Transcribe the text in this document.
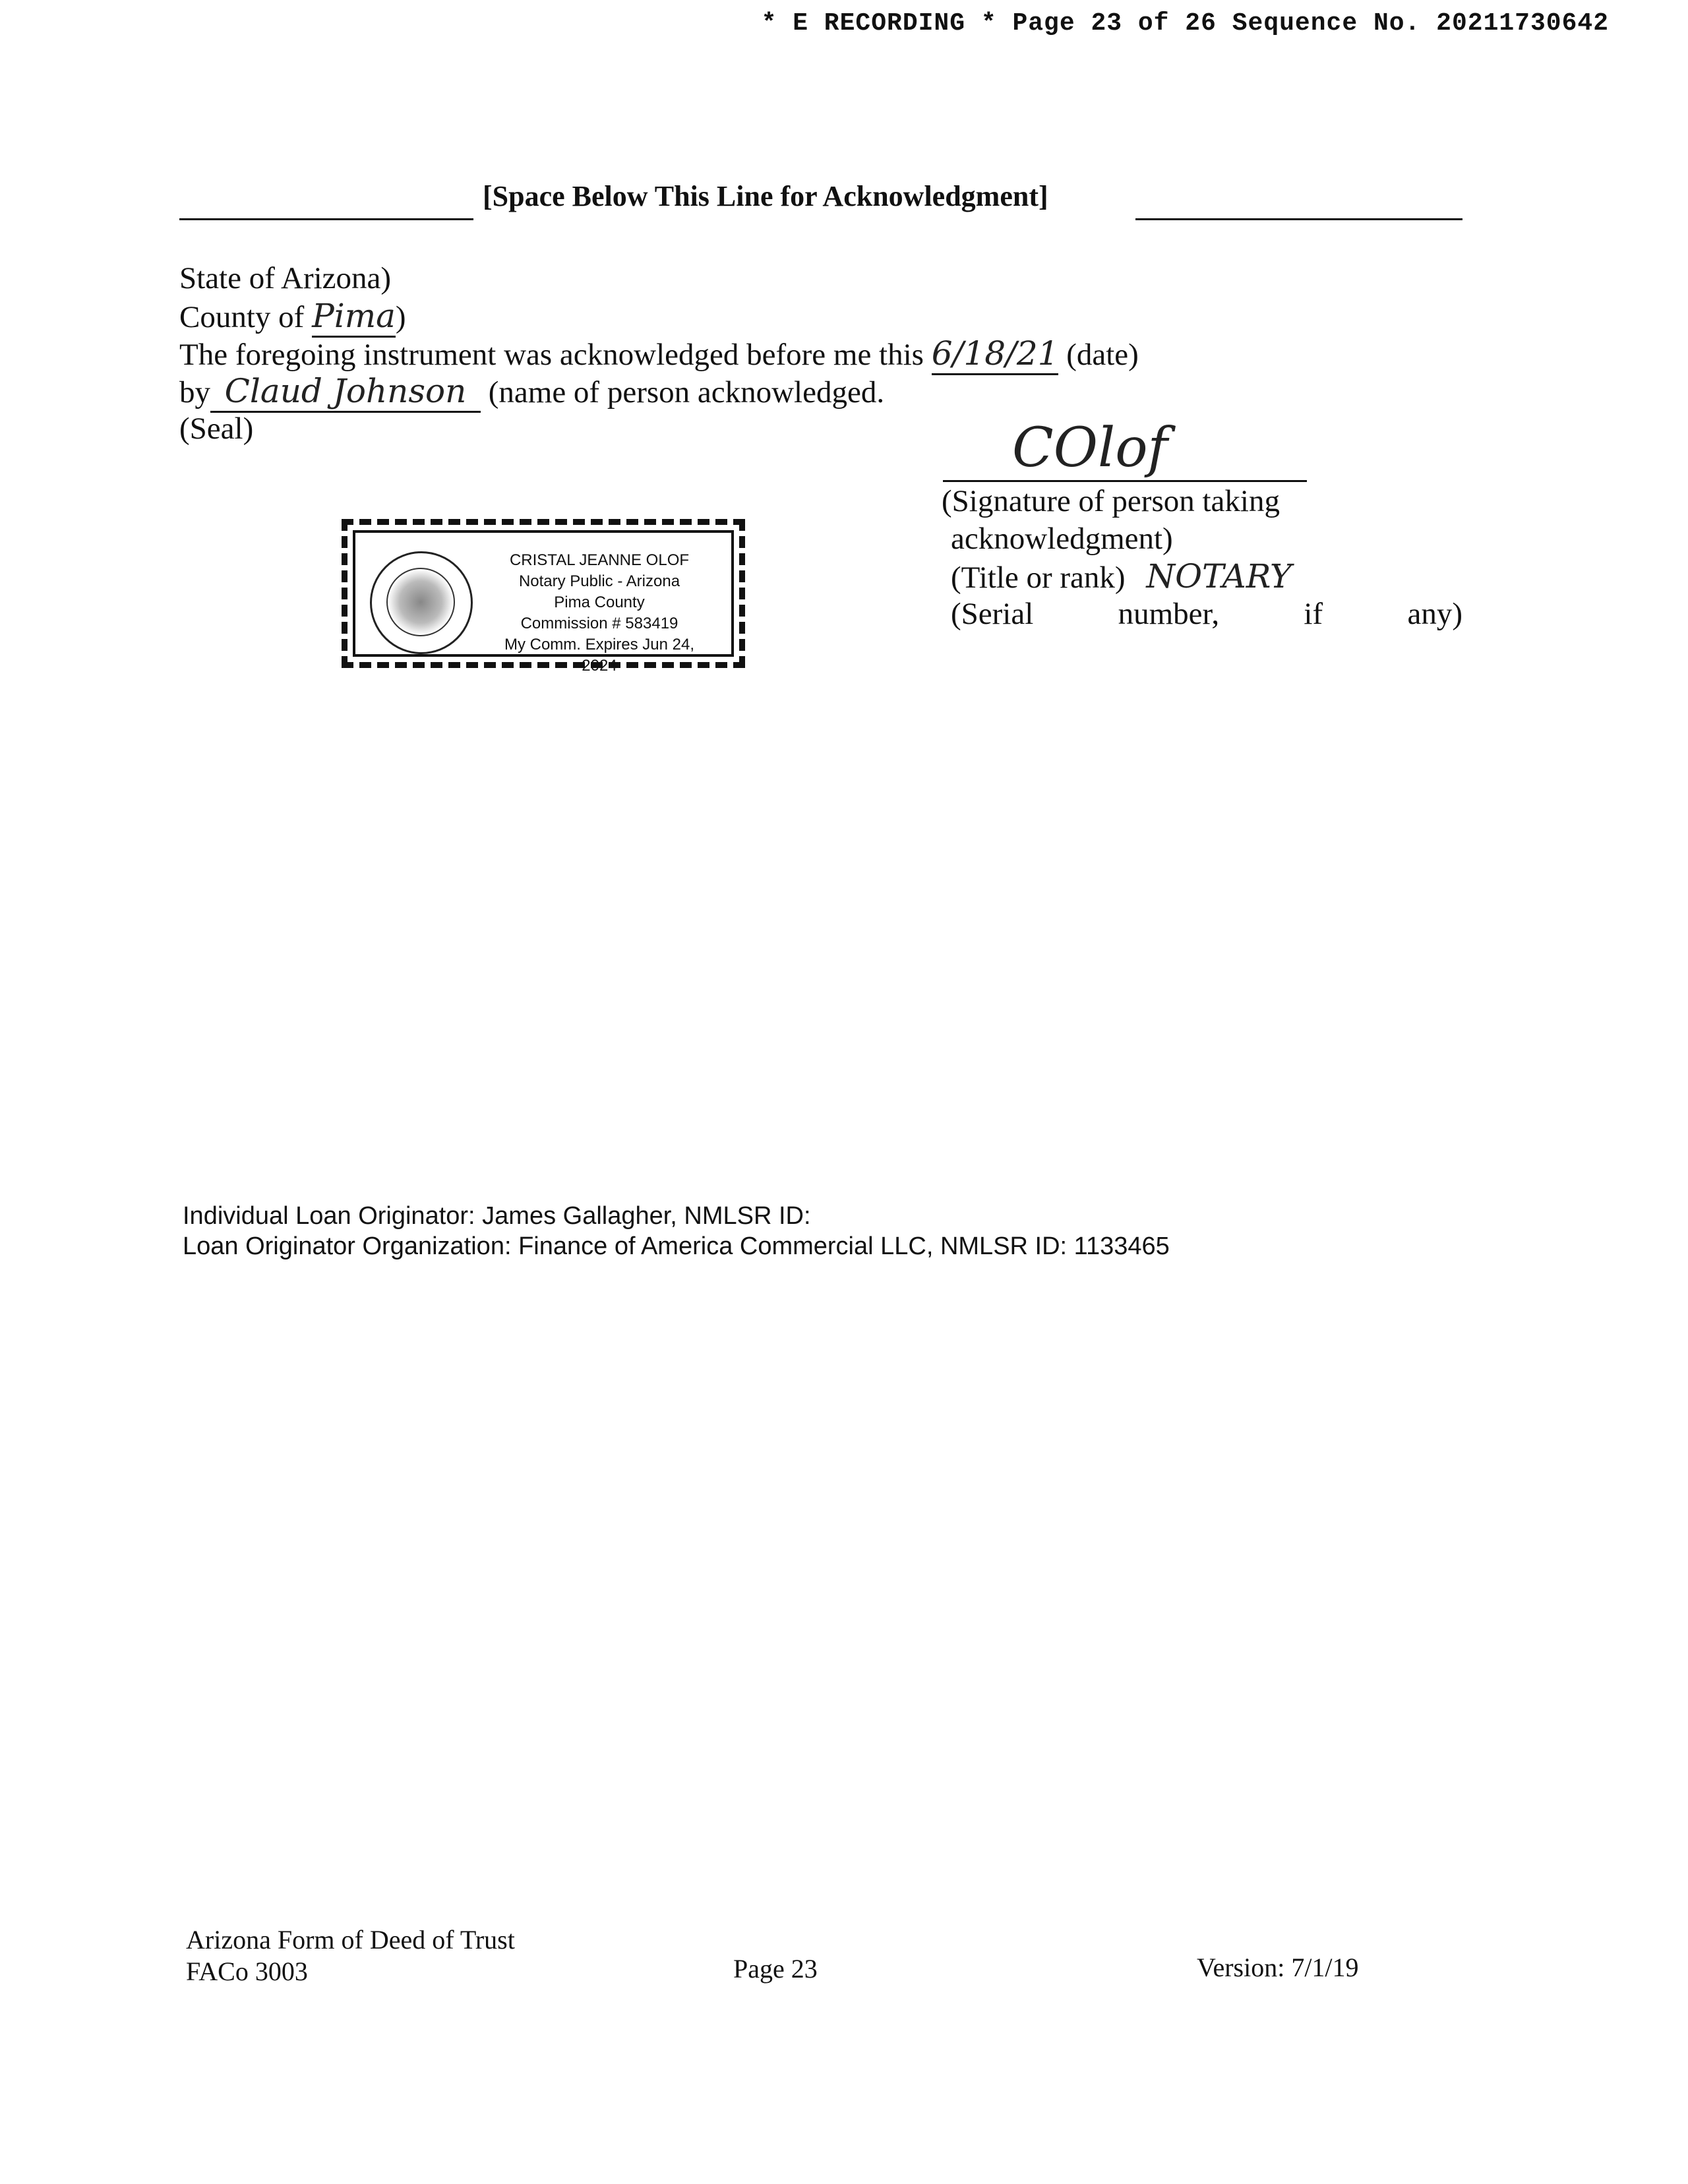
* E RECORDING * Page 23 of 26 Sequence No. 20211730642
[Space Below This Line for Acknowledgment]
State of Arizona)
County of Pima)
The foregoing instrument was acknowledged before me this 6/18/21 (date)
by Claud Johnson (name of person acknowledged.
(Seal)
CRISTAL JEANNE OLOF
Notary Public - Arizona
Pima County
Commission # 583419
My Comm. Expires Jun 24, 2024
COlof
(Signature of person taking
acknowledgment)
(Title or rank) NOTARY
(Serial	number,	if	any)
Individual Loan Originator: James Gallagher, NMLSR ID:
Loan Originator Organization: Finance of America Commercial LLC, NMLSR ID: 1133465
Arizona Form of Deed of Trust
FACo 3003	Page 23	Version: 7/1/19
